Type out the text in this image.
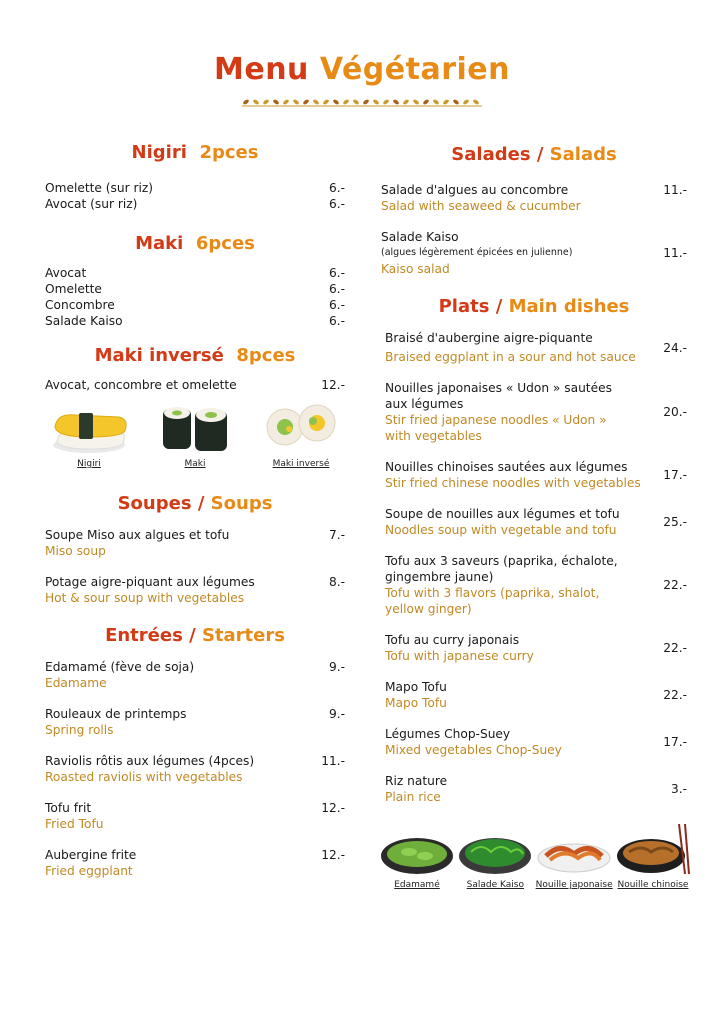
Menu Végétarien
Nigiri 2pces
Omelette (sur riz)	6.-
Avocat (sur riz)	6.-
Maki 6pces
Avocat	6.-
Omelette	6.-
Concombre	6.-
Salade Kaiso	6.-
Maki inversé 8pces
Avocat, concombre et omelette	12.-
Nigiri	Maki	Maki inversé
Soupes / Soups
Soupe Miso aux algues et tofu	7.-
Miso soup
Potage aigre-piquant aux légumes	8.-
Hot & sour soup with vegetables
Entrées / Starters
Edamamé (fève de soja)	9.-
Edamame
Rouleaux de printemps	9.-
Spring rolls
Raviolis rôtis aux légumes (4pces)	11.-
Roasted raviolis with vegetables
Tofu frit	12.-
Fried Tofu
Aubergine frite	12.-
Fried eggplant
Salades / Salads
Salade d'algues au concombre	11.-
Salad with seaweed & cucumber
Salade Kaiso
(algues légèrement épicées en julienne)	11.-
Kaiso salad
Plats / Main dishes
Braisé d'aubergine aigre-piquante
Braised eggplant in a sour and hot sauce
24.-
Nouilles japonaises « Udon » sautées
aux légumes
Stir fried japanese noodles « Udon »
with vegetables
20.-
Nouilles chinoises sautées aux légumes
Stir fried chinese noodles with vegetables
17.-
Soupe de nouilles aux légumes et tofu
Noodles soup with vegetable and tofu
25.-
Tofu aux 3 saveurs (paprika, échalote,
gingembre jaune)
Tofu with 3 flavors (paprika, shalot,
yellow ginger)
22.-
Tofu au curry japonais
Tofu with japanese curry
22.-
Mapo Tofu
Mapo Tofu
22.-
Légumes Chop-Suey
Mixed vegetables Chop-Suey
17.-
Riz nature
Plain rice
3.-
Edamamé	Salade Kaiso Nouille japonaise Nouille chinoise
